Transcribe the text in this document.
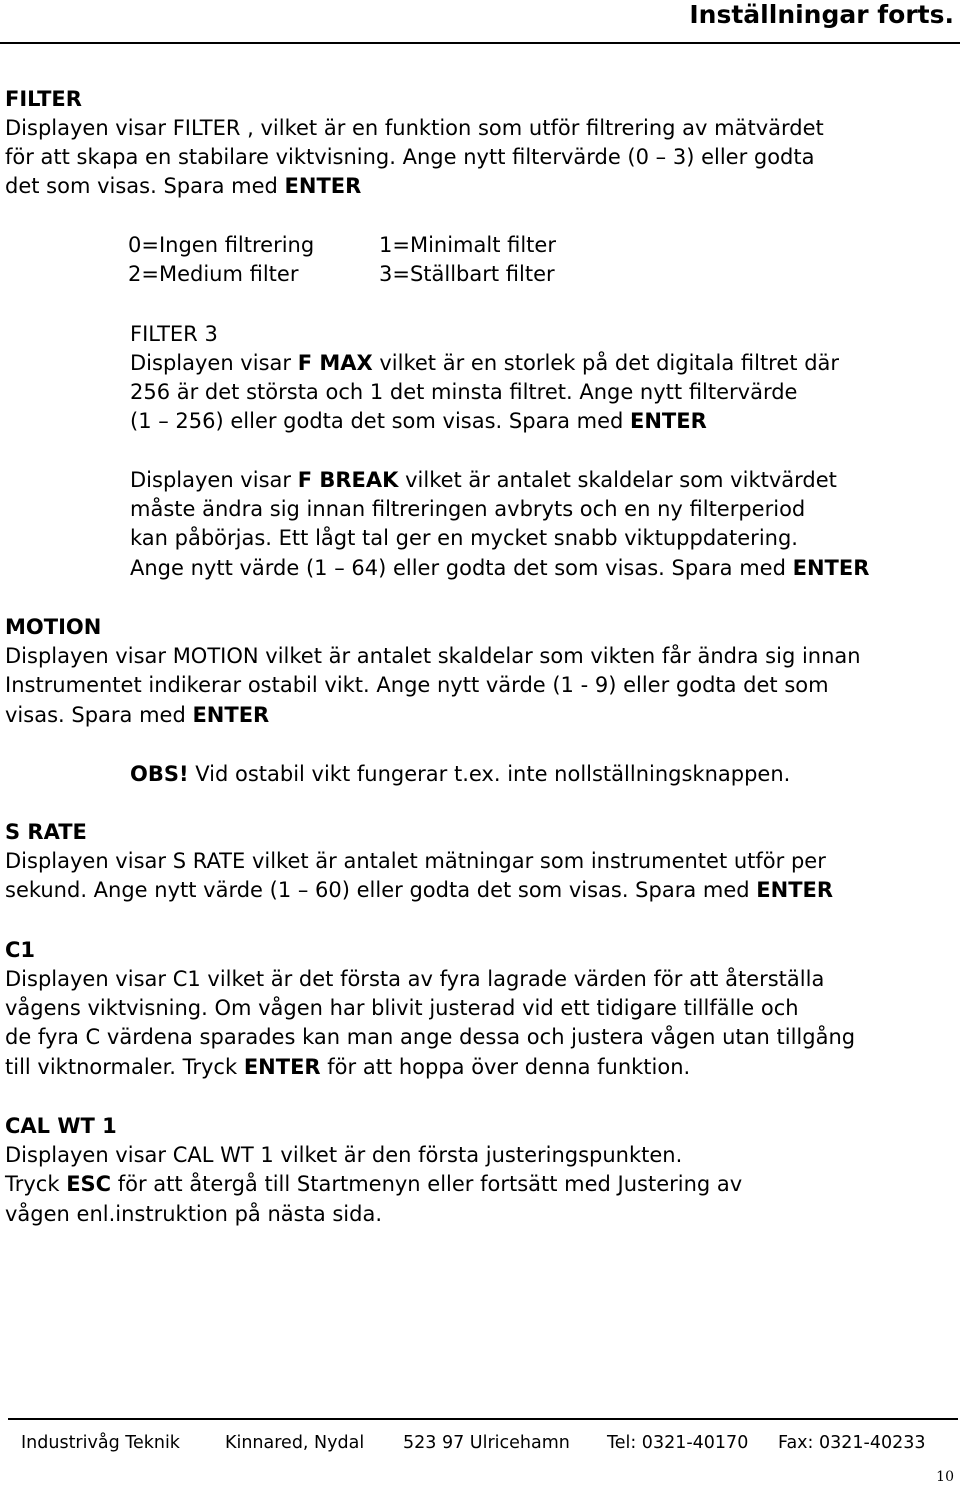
Inställningar forts.
FILTER
Displayen visar FILTER , vilket är en funktion som utför filtrering av mätvärdet
för att skapa en stabilare viktvisning. Ange nytt filtervärde (0 – 3) eller godta
det som visas. Spara med ENTER
0=Ingen filtrering	1=Minimalt filter
2=Medium filter	3=Ställbart filter
FILTER 3
Displayen visar F MAX vilket är en storlek på det digitala filtret där
256 är det största och 1 det minsta filtret. Ange nytt filtervärde
(1 – 256) eller godta det som visas. Spara med ENTER
Displayen visar F BREAK vilket är antalet skaldelar som viktvärdet
måste ändra sig innan filtreringen avbryts och en ny filterperiod
kan påbörjas. Ett lågt tal ger en mycket snabb viktuppdatering.
Ange nytt värde (1 – 64) eller godta det som visas. Spara med ENTER
MOTION
Displayen visar MOTION vilket är antalet skaldelar som vikten får ändra sig innan
Instrumentet indikerar ostabil vikt. Ange nytt värde (1 - 9) eller godta det som
visas. Spara med ENTER
OBS! Vid ostabil vikt fungerar t.ex. inte nollställningsknappen.
S RATE
Displayen visar S RATE vilket är antalet mätningar som instrumentet utför per
sekund. Ange nytt värde (1 – 60) eller godta det som visas. Spara med ENTER
C1
Displayen visar C1 vilket är det första av fyra lagrade värden för att återställa
vågens viktvisning. Om vågen har blivit justerad vid ett tidigare tillfälle och
de fyra C värdena sparades kan man ange dessa och justera vågen utan tillgång
till viktnormaler. Tryck ENTER för att hoppa över denna funktion.
CAL WT 1
Displayen visar CAL WT 1 vilket är den första justeringspunkten.
Tryck ESC för att återgå till Startmenyn eller fortsätt med Justering av
vågen enl.instruktion på nästa sida.
Industrivåg Teknik	Kinnared, Nydal 523 97 Ulricehamn Tel: 0321-40170 Fax: 0321-40233
10
